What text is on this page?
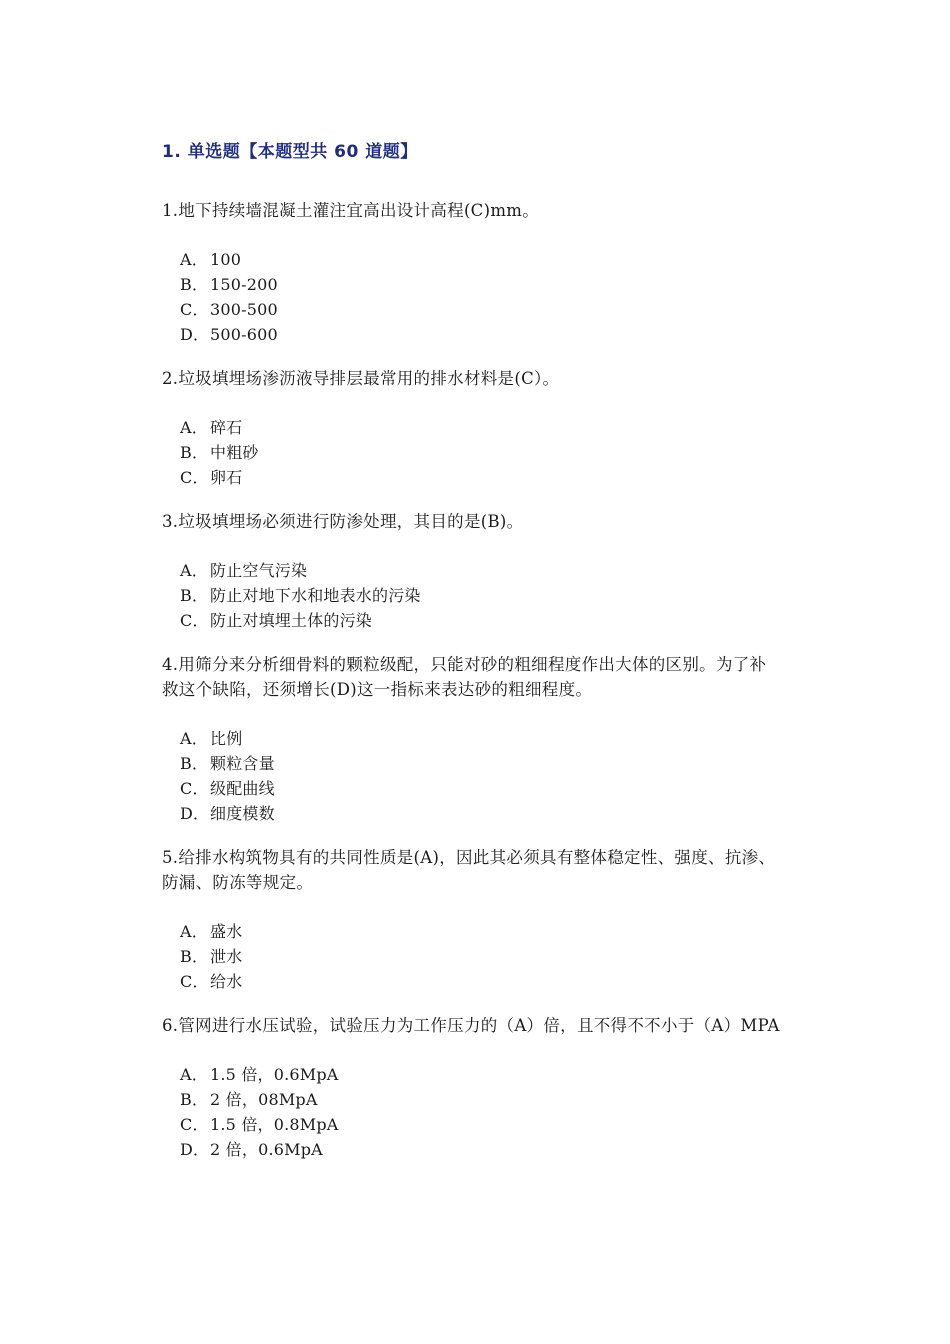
1. 单选题【本题型共 60 道题】
1.地下持续墙混凝土灌注宜高出设计高程(C)mm。
A． 100
B． 150-200
C．300-500
D．500-600
2.垃圾填埋场渗沥液导排层最常用的排水材料是(C）。
A． 碎石
B． 中粗砂
C．卵石
3.垃圾填埋场必须进行防渗处理，其目的是(B)。
A． 防止空气污染
B． 防止对地下水和地表水的污染
C．防止对填埋土体的污染
4.用筛分来分析细骨料的颗粒级配，只能对砂的粗细程度作出大体的区别。为了补救这个缺陷，还须增长(D)这一指标来表达砂的粗细程度。
A． 比例
B． 颗粒含量
C．级配曲线
D．细度模数
5.给排水构筑物具有的共同性质是(A)，因此其必须具有整体稳定性、强度、抗渗、防漏、防冻等规定。
A． 盛水
B． 泄水
C．给水
6.管网进行水压试验，试验压力为工作压力的（A）倍，且不得不不小于（A）MPA
A． 1.5 倍，0.6MpA
B． 2 倍，08MpA
C．1.5 倍，0.8MpA
D．2 倍，0.6MpA
